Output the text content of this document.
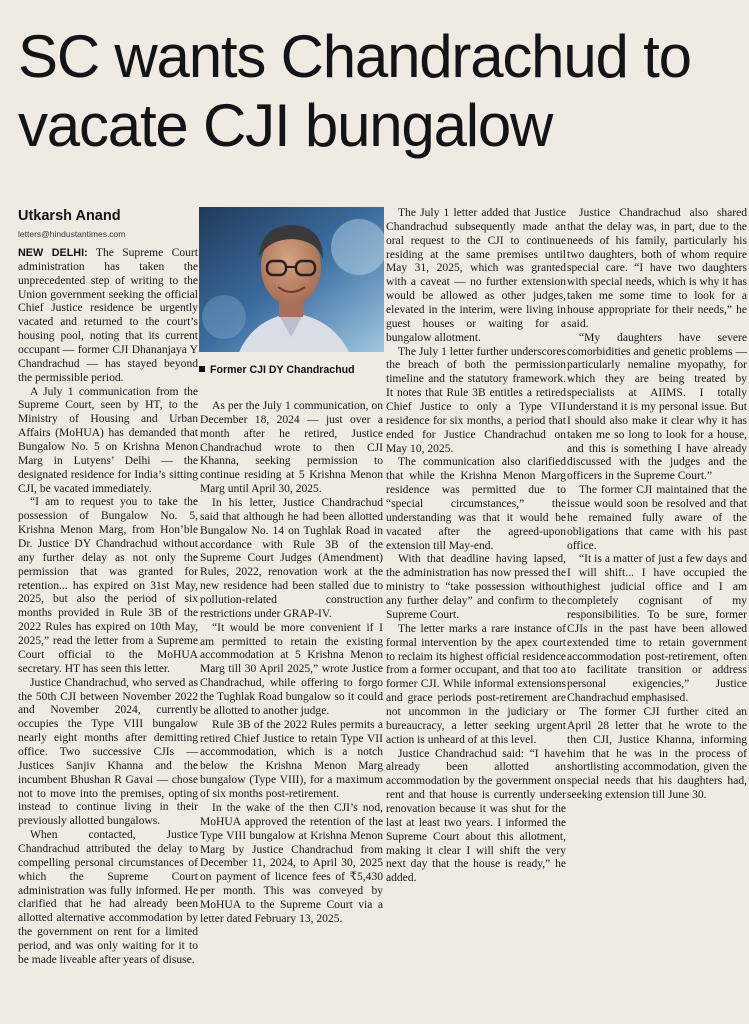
SC wants Chandrachud to vacate CJI bungalow
Utkarsh Anand
letters@hindustantimes.com
Former CJI DY Chandrachud

NEW DELHI: The Supreme Court administration has taken the unprecedented step of writing to the Union government seeking the official Chief Justice residence be urgently vacated and returned to the court’s housing pool, noting that its current occupant — former CJI Dhananjaya Y Chandrachud — has stayed beyond the permissible period.

A July 1 communication from the Supreme Court, seen by HT, to the Ministry of Housing and Urban Affairs (MoHUA) has demanded that Bungalow No. 5 on Krishna Menon Marg in Lutyens’ Delhi — the designated residence for India’s sitting CJI, be vacated immediately.

“I am to request you to take the possession of Bungalow No. 5, Krishna Menon Marg, from Hon’ble Dr. Justice DY Chandrachud without any further delay as not only the permission that was granted for retention... has expired on 31st May, 2025, but also the period of six months provided in Rule 3B of the 2022 Rules has expired on 10th May, 2025,” read the letter from a Supreme Court official to the MoHUA secretary. HT has seen this letter.

Justice Chandrachud, who served as the 50th CJI between November 2022 and November 2024, currently occupies the Type VIII bungalow nearly eight months after demitting office. Two successive CJIs — Justices Sanjiv Khanna and the incumbent Bhushan R Gavai — chose not to move into the premises, opting instead to continue living in their previously allotted bungalows.

When contacted, Justice Chandrachud attributed the delay to compelling personal circumstances of which the Supreme Court administration was fully informed. He clarified that he had already been allotted alternative accommodation by the government on rent for a limited period, and was only waiting for it to be made liveable after years of disuse.

As per the July 1 communication, on December 18, 2024 — just over a month after he retired, Justice Chandrachud wrote to then CJI Khanna, seeking permission to continue residing at 5 Krishna Menon Marg until April 30, 2025.

In his letter, Justice Chandrachud said that although he had been allotted Bungalow No. 14 on Tughlak Road in accordance with Rule 3B of the Supreme Court Judges (Amendment) Rules, 2022, renovation work at the new residence had been stalled due to pollution-related construction restrictions under GRAP-IV.

“It would be more convenient if I am permitted to retain the existing accommodation at 5 Krishna Menon Marg till 30 April 2025,” wrote Justice Chandrachud, while offering to forgo the Tughlak Road bungalow so it could be allotted to another judge.

Rule 3B of the 2022 Rules permits a retired Chief Justice to retain Type VII accommodation, which is a notch below the Krishna Menon Marg bungalow (Type VIII), for a maximum of six months post-retirement.

In the wake of the then CJI’s nod, MoHUA approved the retention of the Type VIII bungalow at Krishna Menon Marg by Justice Chandrachud from December 11, 2024, to April 30, 2025 on payment of licence fees of ₹5,430 per month. This was conveyed by MoHUA to the Supreme Court via a letter dated February 13, 2025.

The July 1 letter added that Justice Chandrachud subsequently made an oral request to the CJI to continue residing at the same premises until May 31, 2025, which was granted with a caveat — no further extension would be allowed as other judges, elevated in the interim, were living in guest houses or waiting for a bungalow allotment.

The July 1 letter further underscores the breach of both the permission timeline and the statutory framework. It notes that Rule 3B entitles a retired Chief Justice to only a Type VII residence for six months, a period that ended for Justice Chandrachud on May 10, 2025.

The communication also clarified that while the Krishna Menon Marg residence was permitted due to “special circumstances,” the understanding was that it would be vacated after the agreed-upon extension till May-end.

With that deadline having lapsed, the administration has now pressed the ministry to “take possession without any further delay” and confirm to the Supreme Court.

The letter marks a rare instance of formal intervention by the apex court to reclaim its highest official residence from a former occupant, and that too a former CJI. While informal extensions and grace periods post-retirement are not uncommon in the judiciary or bureaucracy, a letter seeking urgent action is unheard of at this level.

Justice Chandrachud said: “I have already been allotted an accommodation by the government on rent and that house is currently under renovation because it was shut for the last at least two years. I informed the Supreme Court about this allotment, making it clear I will shift the very next day that the house is ready,” he added.

Justice Chandrachud also shared that the delay was, in part, due to the needs of his family, particularly his two daughters, both of whom require special care. “I have two daughters with special needs, which is why it has taken me some time to look for a house appropriate for their needs,” he said.

“My daughters have severe comorbidities and genetic problems — particularly nemaline myopathy, for which they are being treated by specialists at AIIMS. I totally understand it is my personal issue. But I should also make it clear why it has taken me so long to look for a house, and this is something I have already discussed with the judges and the officers in the Supreme Court.”

The former CJI maintained that the issue would soon be resolved and that he remained fully aware of the obligations that came with his past office.

“It is a matter of just a few days and I will shift... I have occupied the highest judicial office and I am completely cognisant of my responsibilities. To be sure, former CJIs in the past have been allowed extended time to retain government accommodation post-retirement, often to facilitate transition or address personal exigencies,” Justice Chandrachud emphasised.

The former CJI further cited an April 28 letter that he wrote to the then CJI, Justice Khanna, informing him that he was in the process of shortlisting accommodation, given the special needs that his daughters had, seeking extension till June 30.
